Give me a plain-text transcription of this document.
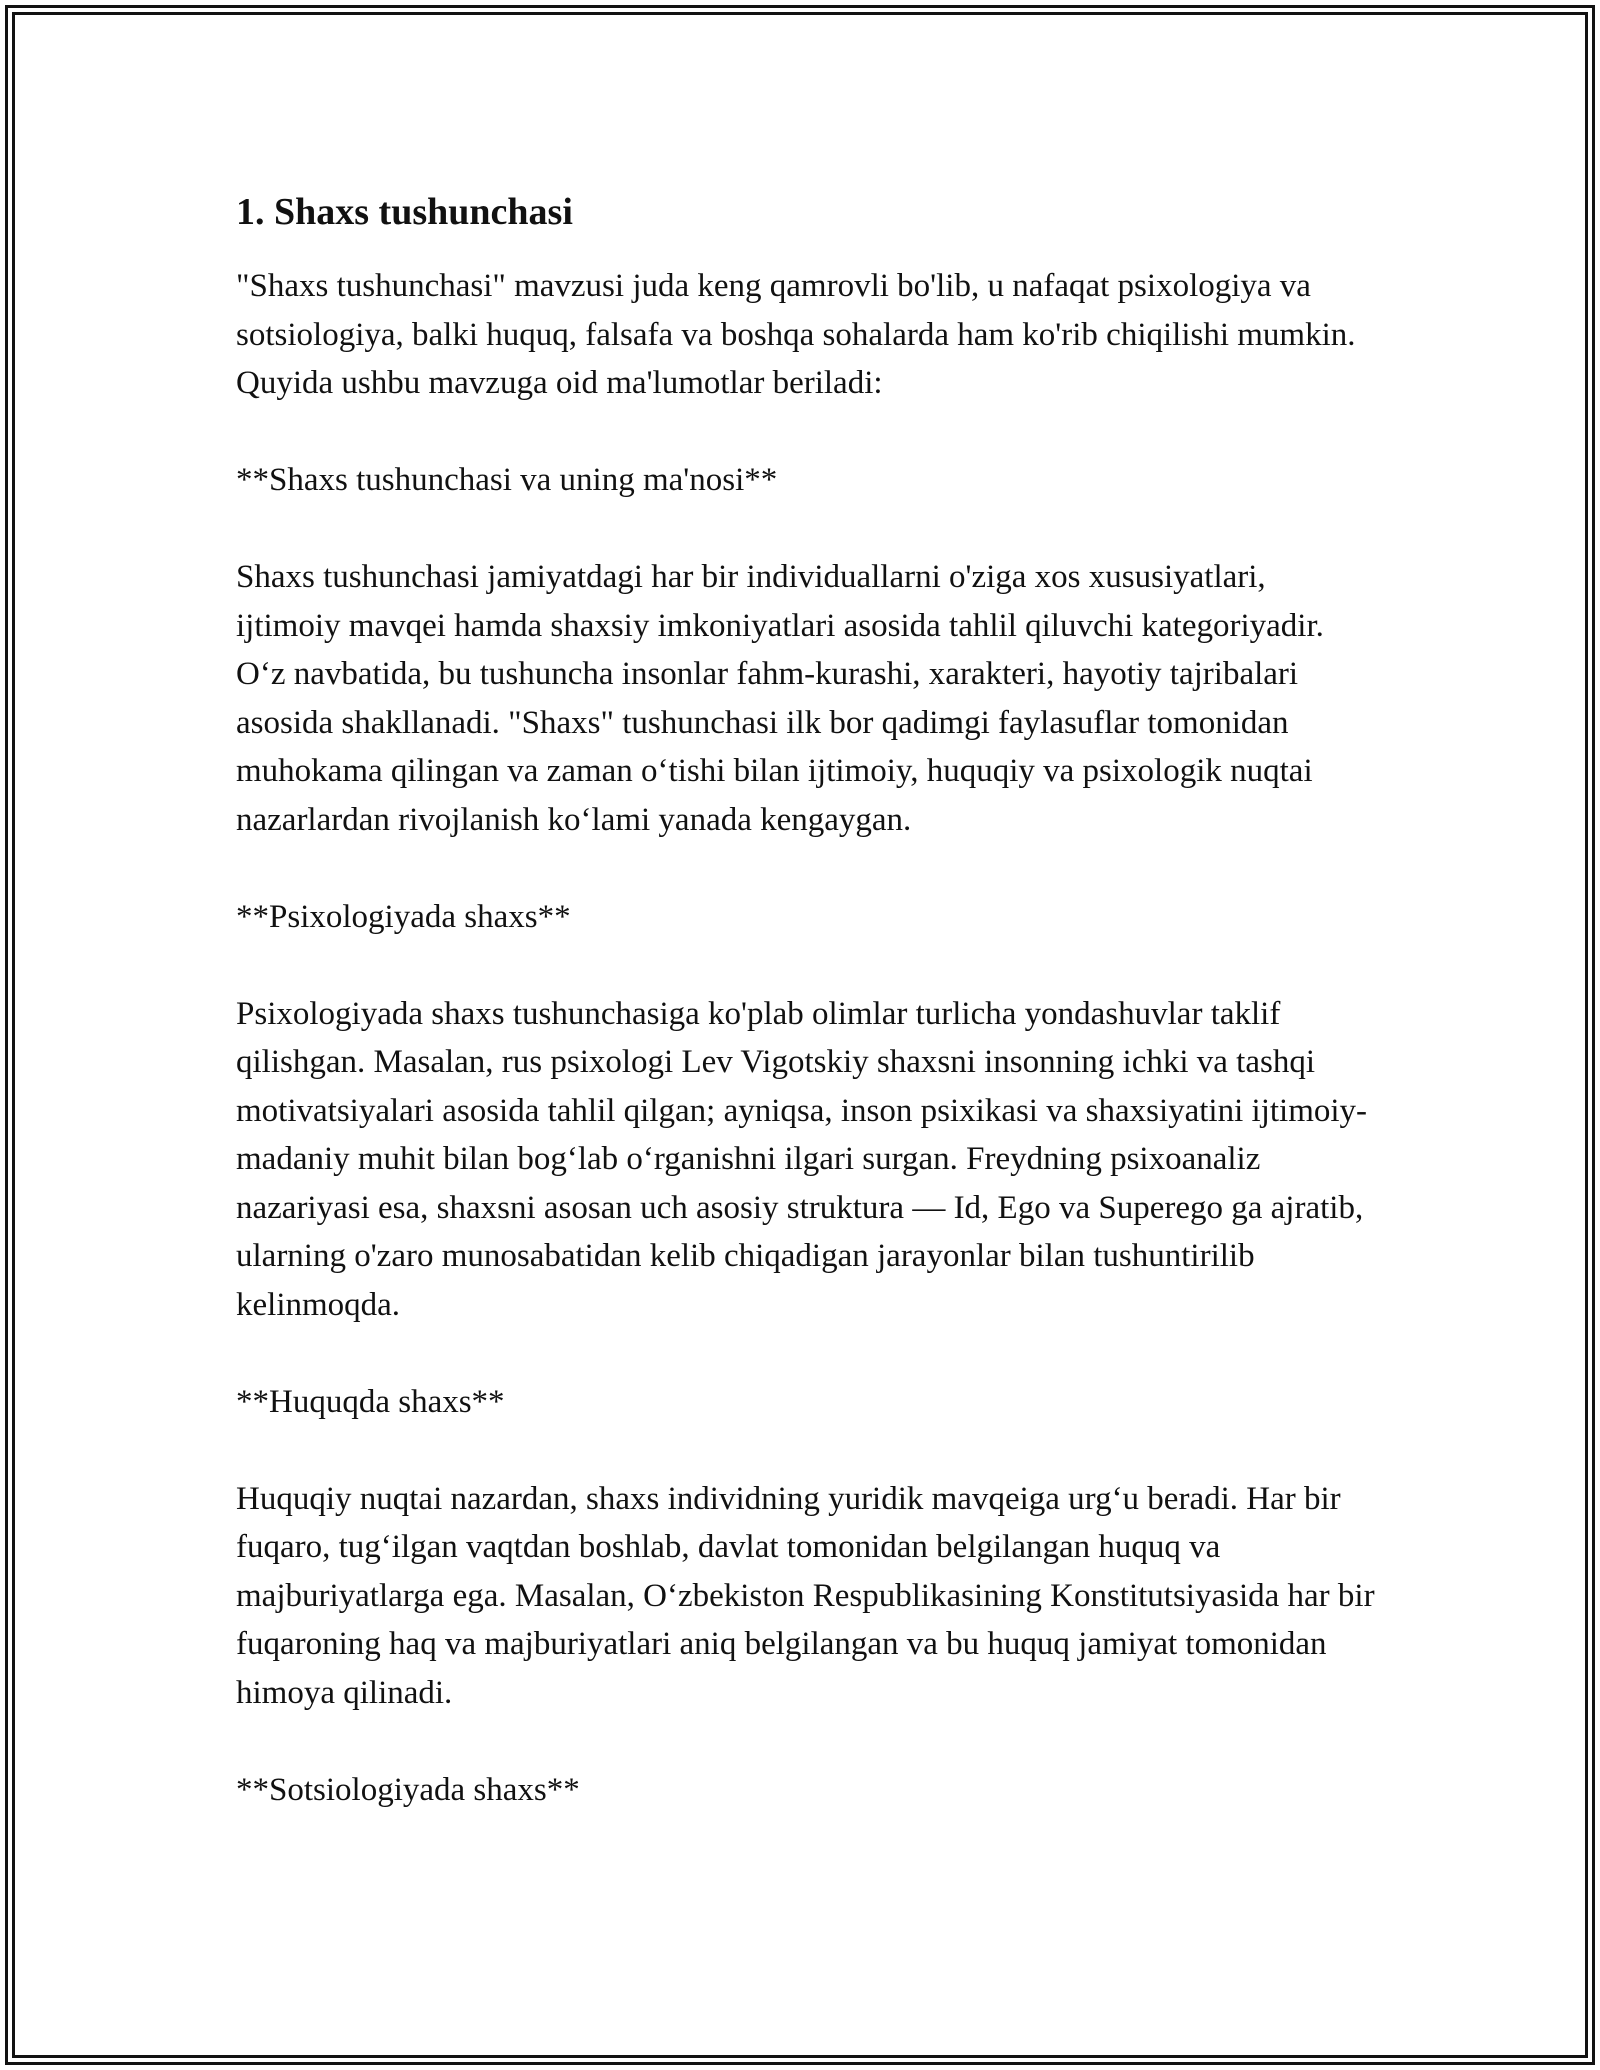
1. Shaxs tushunchasi

"Shaxs tushunchasi" mavzusi juda keng qamrovli bo'lib, u nafaqat psixologiya va sotsiologiya, balki huquq, falsafa va boshqa sohalarda ham ko'rib chiqilishi mumkin. Quyida ushbu mavzuga oid ma'lumotlar beriladi:

**Shaxs tushunchasi va uning ma'nosi**

Shaxs tushunchasi jamiyatdagi har bir individuallarni o'ziga xos xususiyatlari, ijtimoiy mavqei hamda shaxsiy imkoniyatlari asosida tahlil qiluvchi kategoriyadir. O‘z navbatida, bu tushuncha insonlar fahm-kurashi, xarakteri, hayotiy tajribalari asosida shakllanadi. "Shaxs" tushunchasi ilk bor qadimgi faylasuflar tomonidan muhokama qilingan va zaman o‘tishi bilan ijtimoiy, huquqiy va psixologik nuqtai nazarlardan rivojlanish ko‘lami yanada kengaygan.

**Psixologiyada shaxs**

Psixologiyada shaxs tushunchasiga ko'plab olimlar turlicha yondashuvlar taklif qilishgan. Masalan, rus psixologi Lev Vigotskiy shaxsni insonning ichki va tashqi motivatsiyalari asosida tahlil qilgan; ayniqsa, inson psixikasi va shaxsiyatini ijtimoiy-madaniy muhit bilan bog‘lab o‘rganishni ilgari surgan. Freydning psixoanaliz nazariyasi esa, shaxsni asosan uch asosiy struktura — Id, Ego va Superego ga ajratib, ularning o'zaro munosabatidan kelib chiqadigan jarayonlar bilan tushuntirilib kelinmoqda.

**Huquqda shaxs**

Huquqiy nuqtai nazardan, shaxs individning yuridik mavqeiga urg‘u beradi. Har bir fuqaro, tug‘ilgan vaqtdan boshlab, davlat tomonidan belgilangan huquq va majburiyatlarga ega. Masalan, O‘zbekiston Respublikasining Konstitutsiyasida har bir fuqaroning haq va majburiyatlari aniq belgilangan va bu huquq jamiyat tomonidan himoya qilinadi.

**Sotsiologiyada shaxs**
